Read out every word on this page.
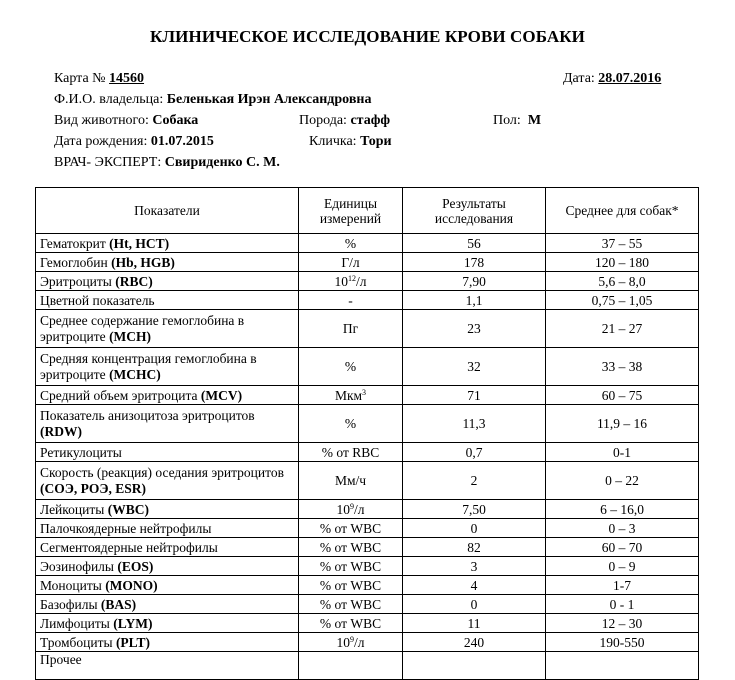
КЛИНИЧЕСКОЕ ИССЛЕДОВАНИЕ КРОВИ СОБАКИ
Карта № 14560	Дата: 28.07.2016
Ф.И.О. владельца: Беленькая Ирэн Александровна
Вид животного: Собака	Порода: стафф	Пол: М
Дата рождения: 01.07.2015	Кличка: Тори
ВРАЧ- ЭКСПЕРТ: Свириденко С. М.
Показатели	Единицы измерений	Результаты исследования	Среднее для собак*
Гематокрит (Ht, HCT)	%	56	37 – 55
Гемоглобин (Hb, HGB)	Г/л	178	120 – 180
Эритроциты (RBC)	$10^{12}/л$	7,90	5,6 – 8,0
Цветной показатель	-	1,1	0,75 – 1,05
Среднее содержание гемоглобина в эритроците (MCH)	Пг	23	21 – 27
Средняя концентрация гемоглобина в эритроците (MCHC)	%	32	33 – 38
Средний объем эритроцита (MCV)	Мкм$^3$	71	60 – 75
Показатель анизоцитоза эритроцитов (RDW)	%	11,3	11,9 – 16
Ретикулоциты	% от RBC	0,7	0-1
Скорость (реакция) оседания эритроцитов (СОЭ, РОЭ, ESR)	Мм/ч	2	0 – 22
Лейкоциты (WBC)	$10^9/л$	7,50	6 – 16,0
Палочкоядерные нейтрофилы	% от WBC	0	0 – 3
Сегментоядерные нейтрофилы	% от WBC	82	60 – 70
Эозинофилы (EOS)	% от WBC	3	0 – 9
Моноциты (MONO)	% от WBC	4	1-7
Базофилы (BAS)	% от WBC	0	0 - 1
Лимфоциты (LYM)	% от WBC	11	12 – 30
Тромбоциты (PLT)	$10^9/л$	240	190-550
Прочее			
